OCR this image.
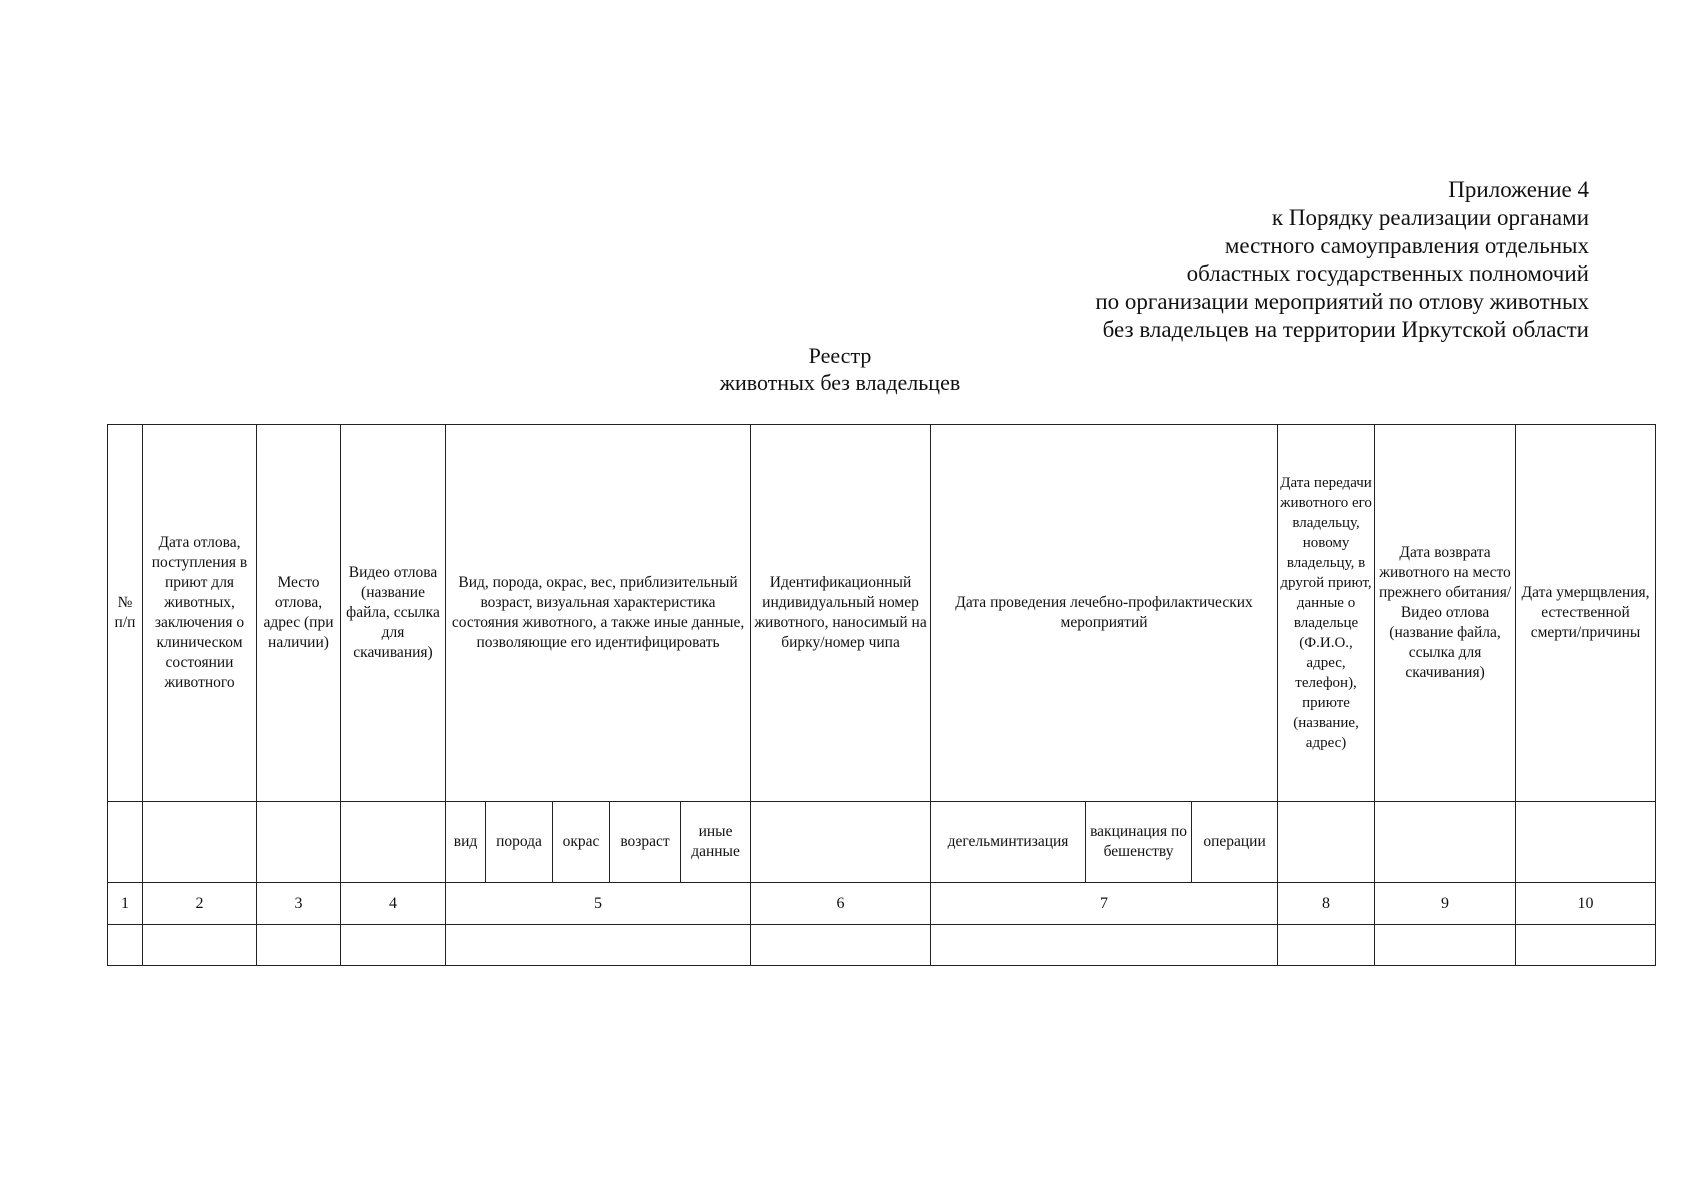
Приложение 4
к Порядку реализации органами
местного самоуправления отдельных
областных государственных полномочий
по организации мероприятий по отлову животных
без владельцев на территории Иркутской области
Реестр
животных без владельцев
№ п/п	Дата отлова, поступления в приют для животных, заключения о клиническом состоянии животного	Место отлова, адрес (при наличии)	Видео отлова (название файла, ссылка для скачивания)	Вид, порода, окрас, вес, приблизительный возраст, визуальная характеристика состояния животного, а также иные данные, позволяющие его идентифицировать					Идентификационный индивидуальный номер животного, наносимый на бирку/номер чипа	Дата проведения лечебно-профилактических мероприятий			Дата передачи животного его владельцу, новому владельцу, в другой приют, данные о владельце (Ф.И.О., адрес, телефон), приюте (название, адрес)	Дата возврата животного на место прежнего обитания/Видео отлова (название файла, ссылка для скачивания)	Дата умерщвления, естественной смерти/причины
				вид	порода	окрас	возраст	иные данные		дегельминтизация	вакцинация по бешенству	операции			
1	2	3	4	5					6	7			8	9	10
